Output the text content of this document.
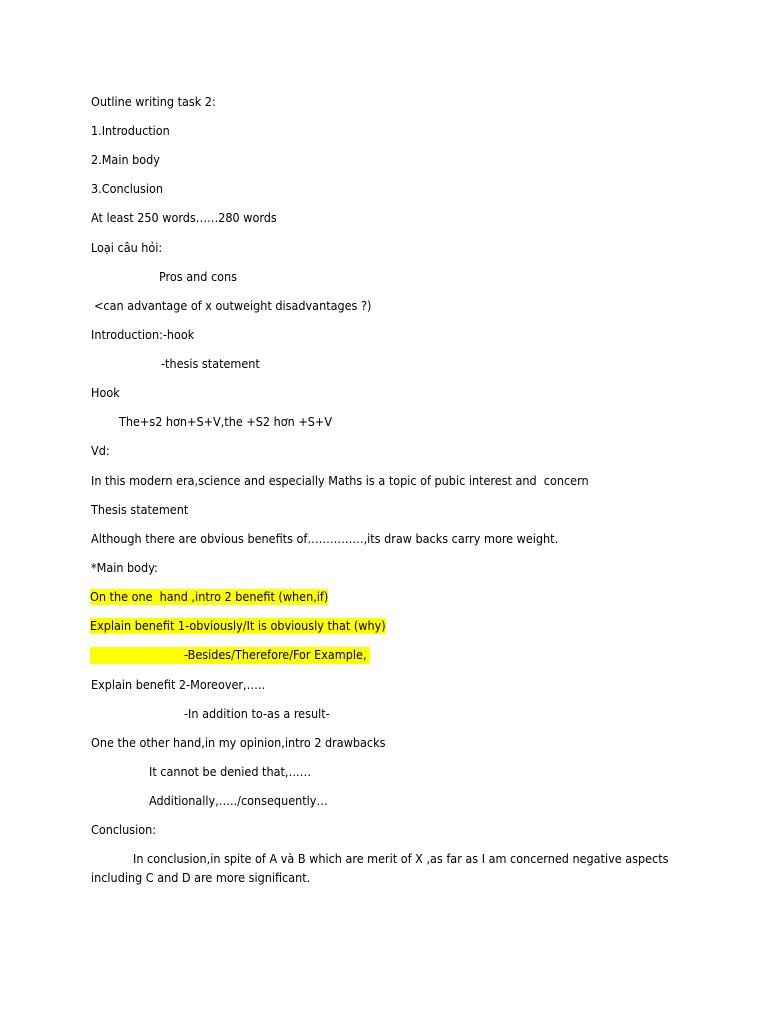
Outline writing task 2:
1.Introduction
2.Main body
3.Conclusion
At least 250 words……280 words
Loại câu hỏi:
Pros and cons
<can advantage of x outweight disadvantages ?)
Introduction:-hook
-thesis statement
Hook
The+s2 hơn+S+V,the +S2 hơn +S+V
Vd:
In this modern era,science and especially Maths is a topic of pubic interest and  concern
Thesis statement
Although there are obvious benefits of……………,its draw backs carry more weight.
*Main body:
On the one  hand ,intro 2 benefit (when,if)
Explain benefit 1-obviously/It is obviously that (why)
-Besides/Therefore/For Example,
Explain benefit 2-Moreover,…..
-In addition to-as a result-
One the other hand,in my opinion,intro 2 drawbacks
It cannot be denied that,……
Additionally,…../consequently…
Conclusion:
In conclusion,in spite of A và B which are merit of X ,as far as I am concerned negative aspects
including C and D are more significant.
